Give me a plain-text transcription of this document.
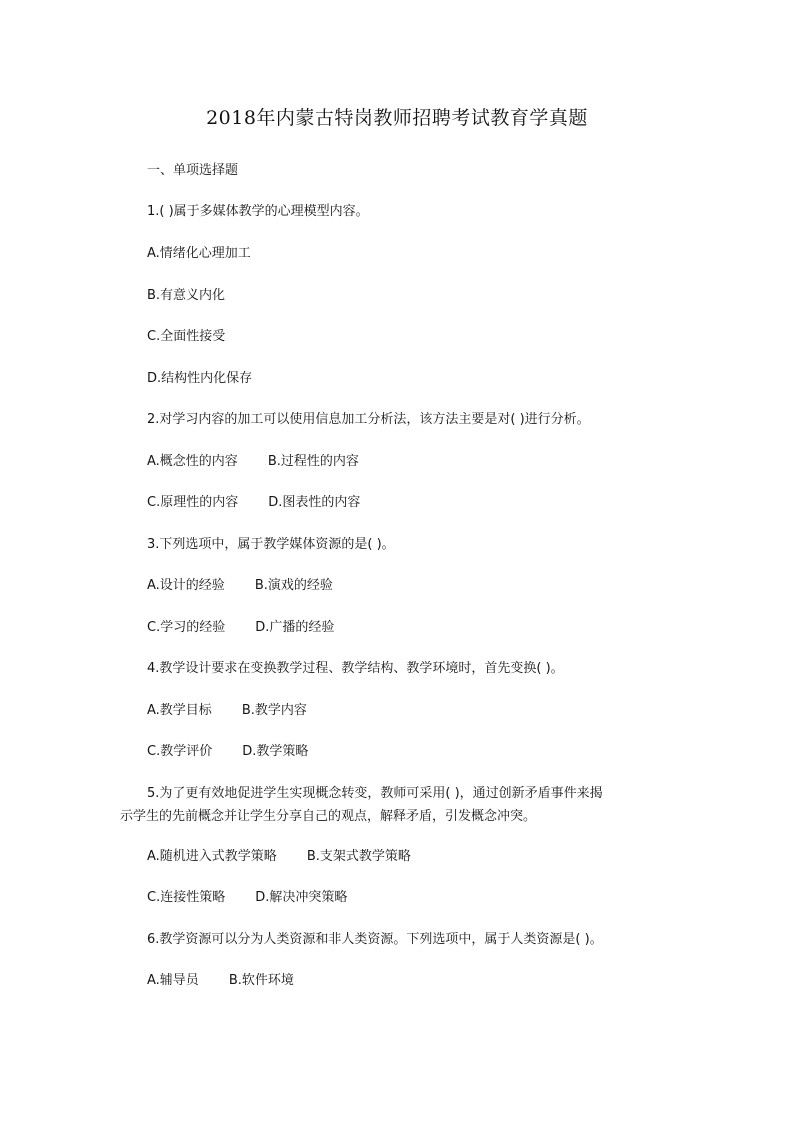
2018年内蒙古特岗教师招聘考试教育学真题
一、单项选择题
1.( )属于多媒体教学的心理模型内容。
A.情绪化心理加工
B.有意义内化
C.全面性接受
D.结构性内化保存
2.对学习内容的加工可以使用信息加工分析法，该方法主要是对( )进行分析。
A.概念性的内容 B.过程性的内容
C.原理性的内容 D.图表性的内容
3.下列选项中，属于教学媒体资源的是( )。
A.设计的经验 B.演戏的经验
C.学习的经验 D.广播的经验
4.教学设计要求在变换教学过程、教学结构、教学环境时，首先变换( )。
A.教学目标 B.教学内容
C.教学评价 D.教学策略
5.为了更有效地促进学生实现概念转变，教师可采用( )，通过创新矛盾事件来揭
示学生的先前概念并让学生分享自己的观点，解释矛盾，引发概念冲突。
A.随机进入式教学策略 B.支架式教学策略
C.连接性策略 D.解决冲突策略
6.教学资源可以分为人类资源和非人类资源。下列选项中，属于人类资源是( )。
A.辅导员 B.软件环境
